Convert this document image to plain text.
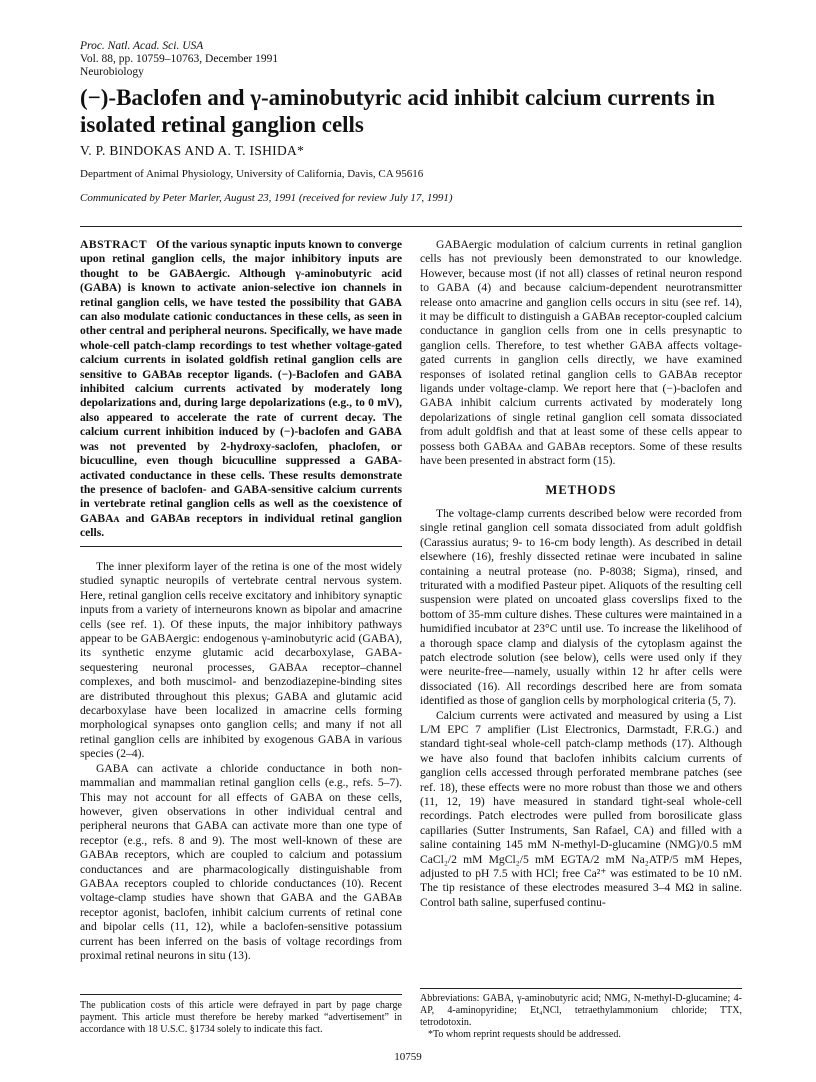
Proc. Natl. Acad. Sci. USA
Vol. 88, pp. 10759–10763, December 1991
Neurobiology
(−)-Baclofen and γ-aminobutyric acid inhibit calcium currents in isolated retinal ganglion cells
V. P. BINDOKAS AND A. T. ISHIDA*
Department of Animal Physiology, University of California, Davis, CA 95616
Communicated by Peter Marler, August 23, 1991 (received for review July 17, 1991)

ABSTRACT Of the various synaptic inputs known to converge upon retinal ganglion cells, the major inhibitory inputs are thought to be GABAergic. Although γ-aminobutyric acid (GABA) is known to activate anion-selective ion channels in retinal ganglion cells, we have tested the possibility that GABA can also modulate cationic conductances in these cells, as seen in other central and peripheral neurons. Specifically, we have made whole-cell patch-clamp recordings to test whether voltage-gated calcium currents in isolated goldfish retinal ganglion cells are sensitive to GABAʙ receptor ligands. (−)-Baclofen and GABA inhibited calcium currents activated by moderately long depolarizations and, during large depolarizations (e.g., to 0 mV), also appeared to accelerate the rate of current decay. The calcium current inhibition induced by (−)-baclofen and GABA was not prevented by 2-hydroxy-saclofen, phaclofen, or bicuculline, even though bicuculline suppressed a GABA-activated conductance in these cells. These results demonstrate the presence of baclofen- and GABA-sensitive calcium currents in vertebrate retinal ganglion cells as well as the coexistence of GABAᴀ and GABAʙ receptors in individual retinal ganglion cells.

The inner plexiform layer of the retina is one of the most widely studied synaptic neuropils of vertebrate central nervous system. Here, retinal ganglion cells receive excitatory and inhibitory synaptic inputs from a variety of interneurons known as bipolar and amacrine cells (see ref. 1). Of these inputs, the major inhibitory pathways appear to be GABAergic: endogenous γ-aminobutyric acid (GABA), its synthetic enzyme glutamic acid decarboxylase, GABA-sequestering neuronal processes, GABAᴀ receptor–channel complexes, and both muscimol- and benzodiazepine-binding sites are distributed throughout this plexus; GABA and glutamic acid decarboxylase have been localized in amacrine cells forming morphological synapses onto ganglion cells; and many if not all retinal ganglion cells are inhibited by exogenous GABA in various species (2–4).

GABA can activate a chloride conductance in both non-mammalian and mammalian retinal ganglion cells (e.g., refs. 5–7). This may not account for all effects of GABA on these cells, however, given observations in other individual central and peripheral neurons that GABA can activate more than one type of receptor (e.g., refs. 8 and 9). The most well-known of these are GABAʙ receptors, which are coupled to calcium and potassium conductances and are pharmacologically distinguishable from GABAᴀ receptors coupled to chloride conductances (10). Recent voltage-clamp studies have shown that GABA and the GABAʙ receptor agonist, baclofen, inhibit calcium currents of retinal cone and bipolar cells (11, 12), while a baclofen-sensitive potassium current has been inferred on the basis of voltage recordings from proximal retinal neurons in situ (13).

GABAergic modulation of calcium currents in retinal ganglion cells has not previously been demonstrated to our knowledge. However, because most (if not all) classes of retinal neuron respond to GABA (4) and because calcium-dependent neurotransmitter release onto amacrine and ganglion cells occurs in situ (see ref. 14), it may be difficult to distinguish a GABAʙ receptor-coupled calcium conductance in ganglion cells from one in cells presynaptic to ganglion cells. Therefore, to test whether GABA affects voltage-gated currents in ganglion cells directly, we have examined responses of isolated retinal ganglion cells to GABAʙ receptor ligands under voltage-clamp. We report here that (−)-baclofen and GABA inhibit calcium currents activated by moderately long depolarizations of single retinal ganglion cell somata dissociated from adult goldfish and that at least some of these cells appear to possess both GABAᴀ and GABAʙ receptors. Some of these results have been presented in abstract form (15).

METHODS

The voltage-clamp currents described below were recorded from single retinal ganglion cell somata dissociated from adult goldfish (Carassius auratus; 9- to 16-cm body length). As described in detail elsewhere (16), freshly dissected retinae were incubated in saline containing a neutral protease (no. P-8038; Sigma), rinsed, and triturated with a modified Pasteur pipet. Aliquots of the resulting cell suspension were plated on uncoated glass coverslips fixed to the bottom of 35-mm culture dishes. These cultures were maintained in a humidified incubator at 23°C until use. To increase the likelihood of a thorough space clamp and dialysis of the cytoplasm against the patch electrode solution (see below), cells were used only if they were neurite-free—namely, usually within 12 hr after cells were dissociated (16). All recordings described here are from somata identified as those of ganglion cells by morphological criteria (5, 7).

Calcium currents were activated and measured by using a List L/M EPC 7 amplifier (List Electronics, Darmstadt, F.R.G.) and standard tight-seal whole-cell patch-clamp methods (17). Although we have also found that baclofen inhibits calcium currents of ganglion cells accessed through perforated membrane patches (see ref. 18), these effects were no more robust than those we and others (11, 12, 19) have measured in standard tight-seal whole-cell recordings. Patch electrodes were pulled from borosilicate glass capillaries (Sutter Instruments, San Rafael, CA) and filled with a saline containing 145 mM N-methyl-D-glucamine (NMG)/0.5 mM CaCl₂/2 mM MgCl₂/5 mM EGTA/2 mM Na₂ATP/5 mM Hepes, adjusted to pH 7.5 with HCl; free Ca²⁺ was estimated to be 10 nM. The tip resistance of these electrodes measured 3–4 MΩ in saline. Control bath saline, superfused continu-

The publication costs of this article were defrayed in part by page charge payment. This article must therefore be hereby marked “advertisement” in accordance with 18 U.S.C. §1734 solely to indicate this fact.
Abbreviations: GABA, γ-aminobutyric acid; NMG, N-methyl-D-glucamine; 4-AP, 4-aminopyridine; Et₄NCl, tetraethylammonium chloride; TTX, tetrodotoxin.
*To whom reprint requests should be addressed.
10759
